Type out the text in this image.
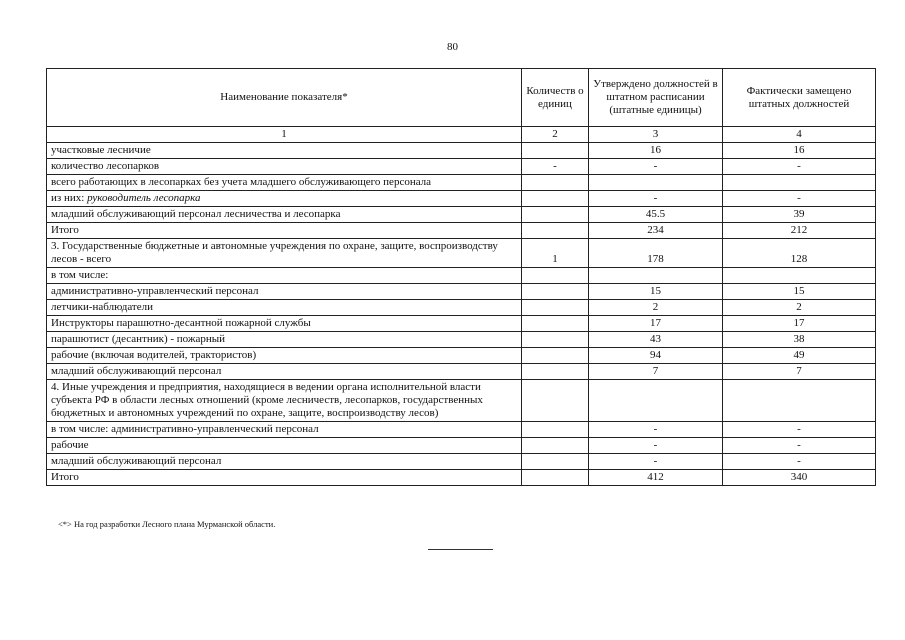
80
Наименование показателя*	Количеств о единиц	Утверждено должностей в штатном расписании (штатные единицы)	Фактически замещено штатных должностей
1	2	3	4
участковые лесничие		16	16
количество лесопарков	-	-	-
всего работающих в лесопарках без учета младшего обслуживающего персонала			
из них: руководитель лесопарка		-	-
младший обслуживающий персонал лесничества и лесопарка		45.5	39
Итого		234	212
3. Государственные бюджетные и автономные учреждения по охране, защите, воспроизводству лесов - всего	1	178	128
в том числе:			
административно-управленческий персонал		15	15
летчики-наблюдатели		2	2
Инструкторы парашютно-десантной пожарной службы		17	17
парашютист (десантник) - пожарный		43	38
рабочие (включая водителей, трактористов)		94	49
младший обслуживающий персонал		7	7
4. Иные учреждения и предприятия, находящиеся в ведении органа исполнительной власти субъекта РФ в области лесных отношений (кроме лесничеств, лесопарков, государственных бюджетных и автономных учреждений по охране, защите, воспроизводству лесов)			
в том числе: административно-управленческий персонал		-	-
рабочие		-	-
младший обслуживающий персонал		-	-
Итого		412	340
<*> На год разработки Лесного плана Мурманской области.
